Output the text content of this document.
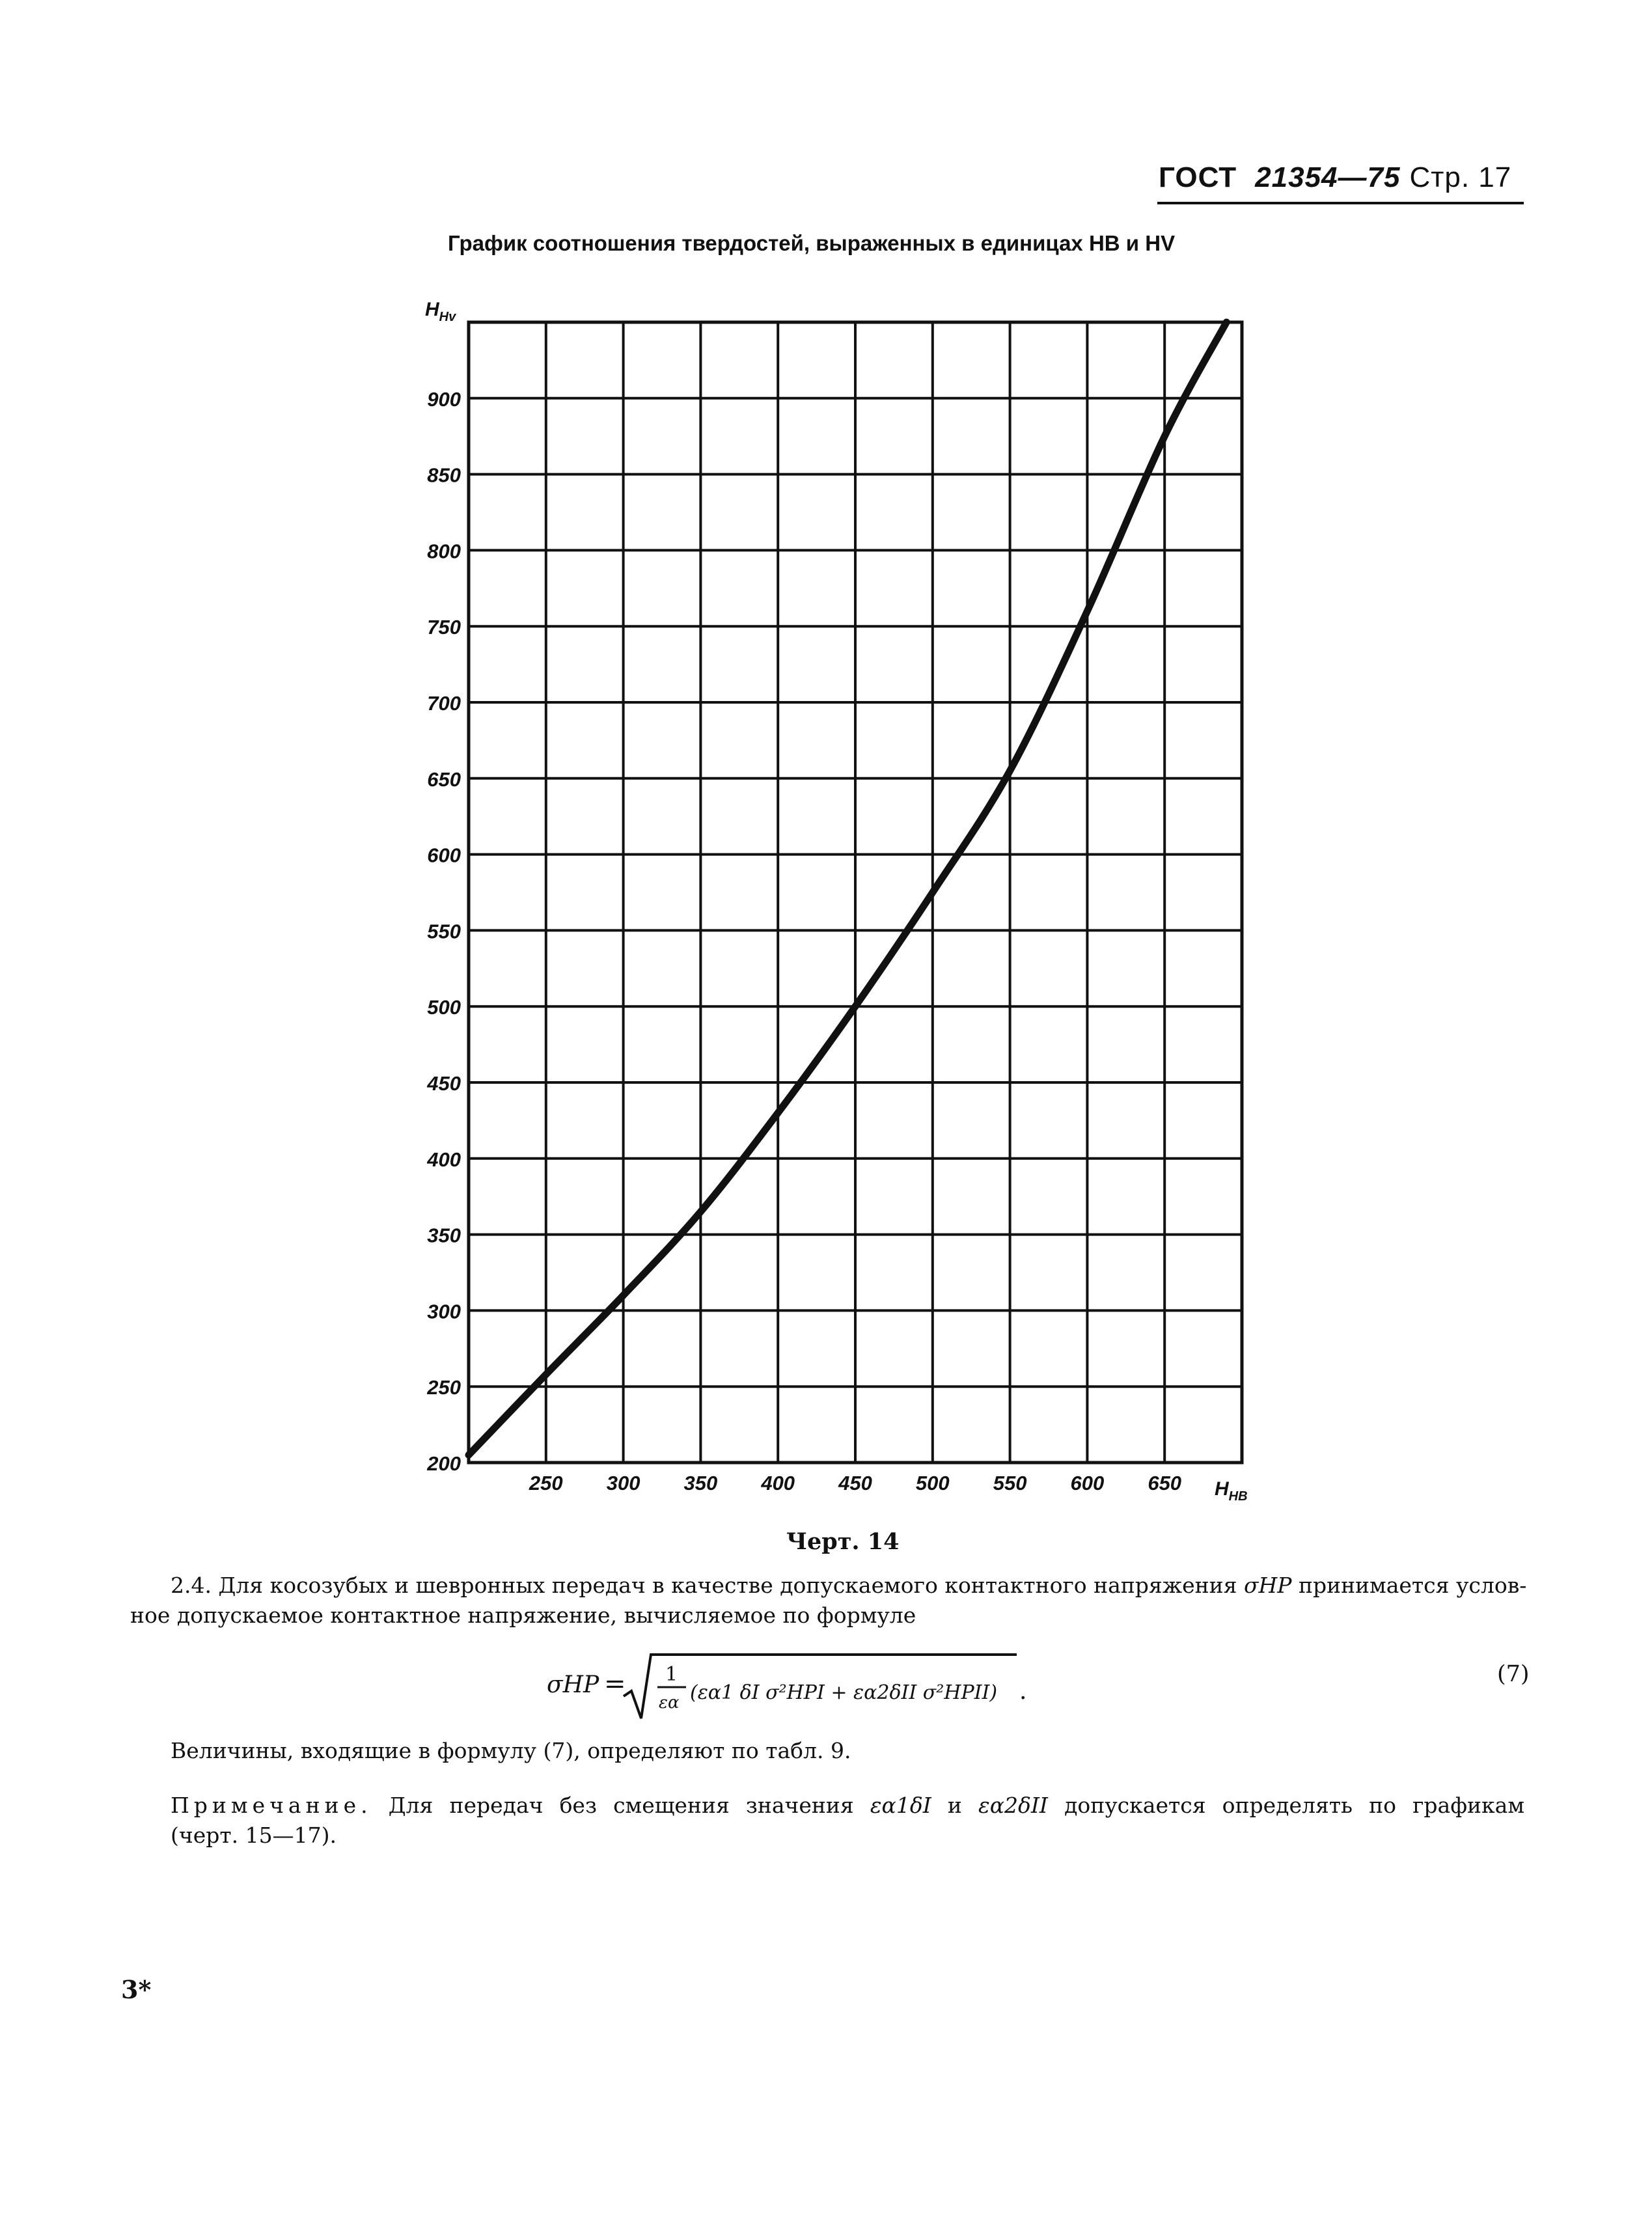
ГОСТ 21354—75 Стр. 17
График соотношения твердостей, выраженных в единицах HB и HV
200
250
300
350
400
450
500
550
600
650
700
750
800
850
900
250 300 350 400 450 500 550 600 650
$H_{Hv}$
$H_{HB}$
Черт. 14
2.4. Для косозубых и шевронных передач в качестве допускаемого контактного напряжения σHP принимается услов-
ное допускаемое контактное напряжение, вычисляемое по формуле
σHP = 1
εα (εα1 δI σ²HPI + εα2δII σ²HPII) .
(7)
Величины, входящие в формулу (7), определяют по табл. 9.
Примечание. Для передач без смещения значения εα1δI и εα2δII допускается определять по графикам
(черт. 15—17).
3*
